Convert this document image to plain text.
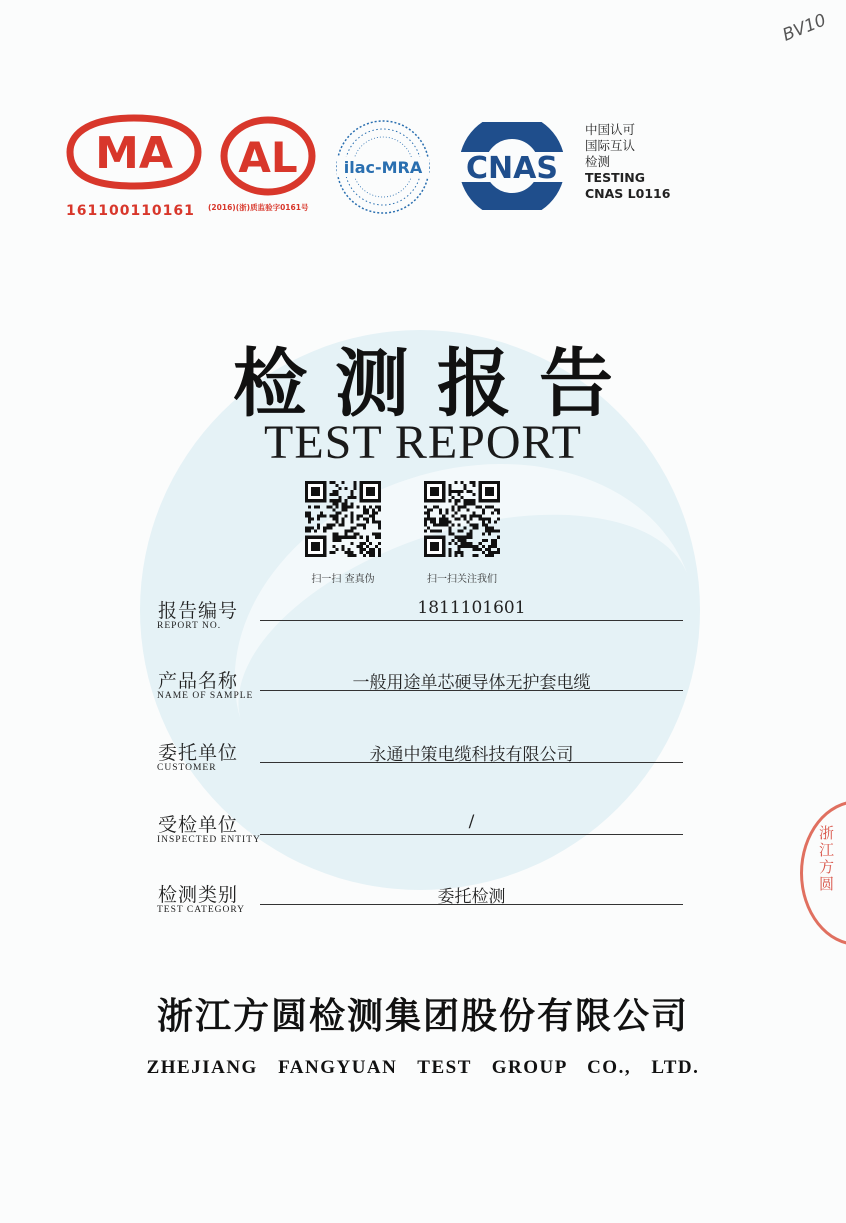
BV10
MA
161100110161
AL
(2016)(浙)质监验字0161号
ilac-MRA CNAS
中国认可
国际互认
检测
TESTING
CNAS L0116
检测报告
TEST REPORT
扫一扫 查真伪	扫一扫关注我们
报告编号
REPORT NO.
1811101601
产品名称
NAME OF SAMPLE
一般用途单芯硬导体无护套电缆
委托单位
CUSTOMER
永通中策电缆科技有限公司
受检单位
INSPECTED ENTITY
/
检测类别
TEST CATEGORY
委托检测
浙江方圆检测集团股份有限公司
ZHEJIANG FANGYUAN TEST GROUP CO., LTD.
浙江方圆
